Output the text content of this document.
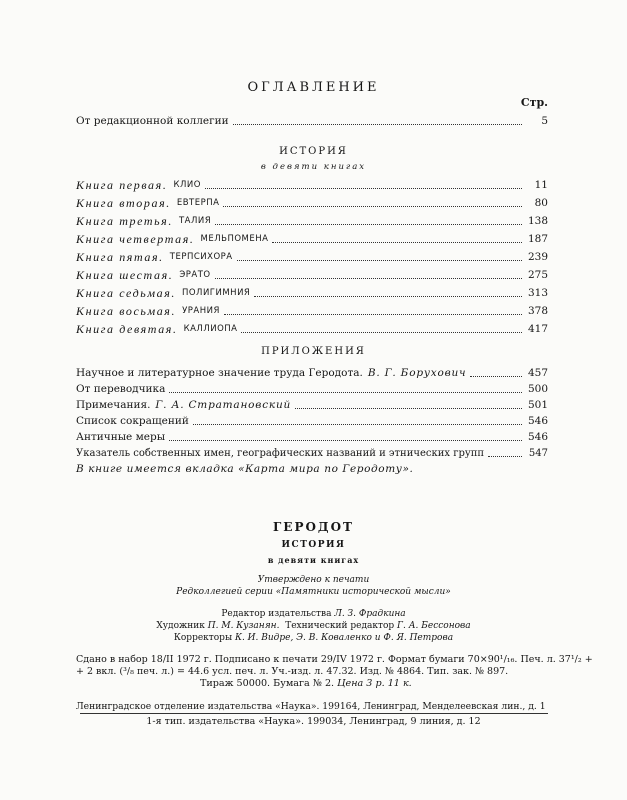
ОГЛАВЛЕНИЕ
Стр.
От редакционной коллегии	5
ИСТОРИЯ
в девяти книгах
Книга первая. КЛИО	11
Книга вторая. ЕВТЕРПА	80
Книга третья. ТАЛИЯ	138
Книга четвертая. МЕЛЬПОМЕНА	187
Книга пятая. ТЕРПСИХОРА	239
Книга шестая. ЭРАТО	275
Книга седьмая. ПОЛИГИМНИЯ	313
Книга восьмая. УРАНИЯ	378
Книга девятая. КАЛЛИОПА	417
ПРИЛОЖЕНИЯ
Научное и литературное значение труда Геродота. В. Г. Борухович	457
От переводчика	500
Примечания. Г. А. Стратановский	501
Список сокращений	546
Античные меры	546
Указатель собственных имен, географических названий и этнических групп	547
В книге имеется вкладка «Карта мира по Геродоту».
ГЕРОДОТ
ИСТОРИЯ
в девяти книгах
Утверждено к печати
Редколлегией серии «Памятники исторической мысли»
Редактор издательства Л. З. Фрадкина
Художник П. М. Кузанян. Технический редактор Г. А. Бессонова
Корректоры К. И. Видре, Э. В. Коваленко и Ф. Я. Петрова
Сдано в набор 18/II 1972 г. Подписано к печати 29/IV 1972 г. Формат бумаги 70×90¹/₁₆. Печ. л. 37¹/₂ +
+ 2 вкл. (³/₈ печ. л.) = 44.6 усл. печ. л. Уч.-изд. л. 47.32. Изд. № 4864. Тип. зак. № 897.
Тираж 50000. Бумага № 2. Цена 3 р. 11 к.
Ленинградское отделение издательства «Наука». 199164, Ленинград, Менделеевская лин., д. 1
1-я тип. издательства «Наука». 199034, Ленинград, 9 линия, д. 12
